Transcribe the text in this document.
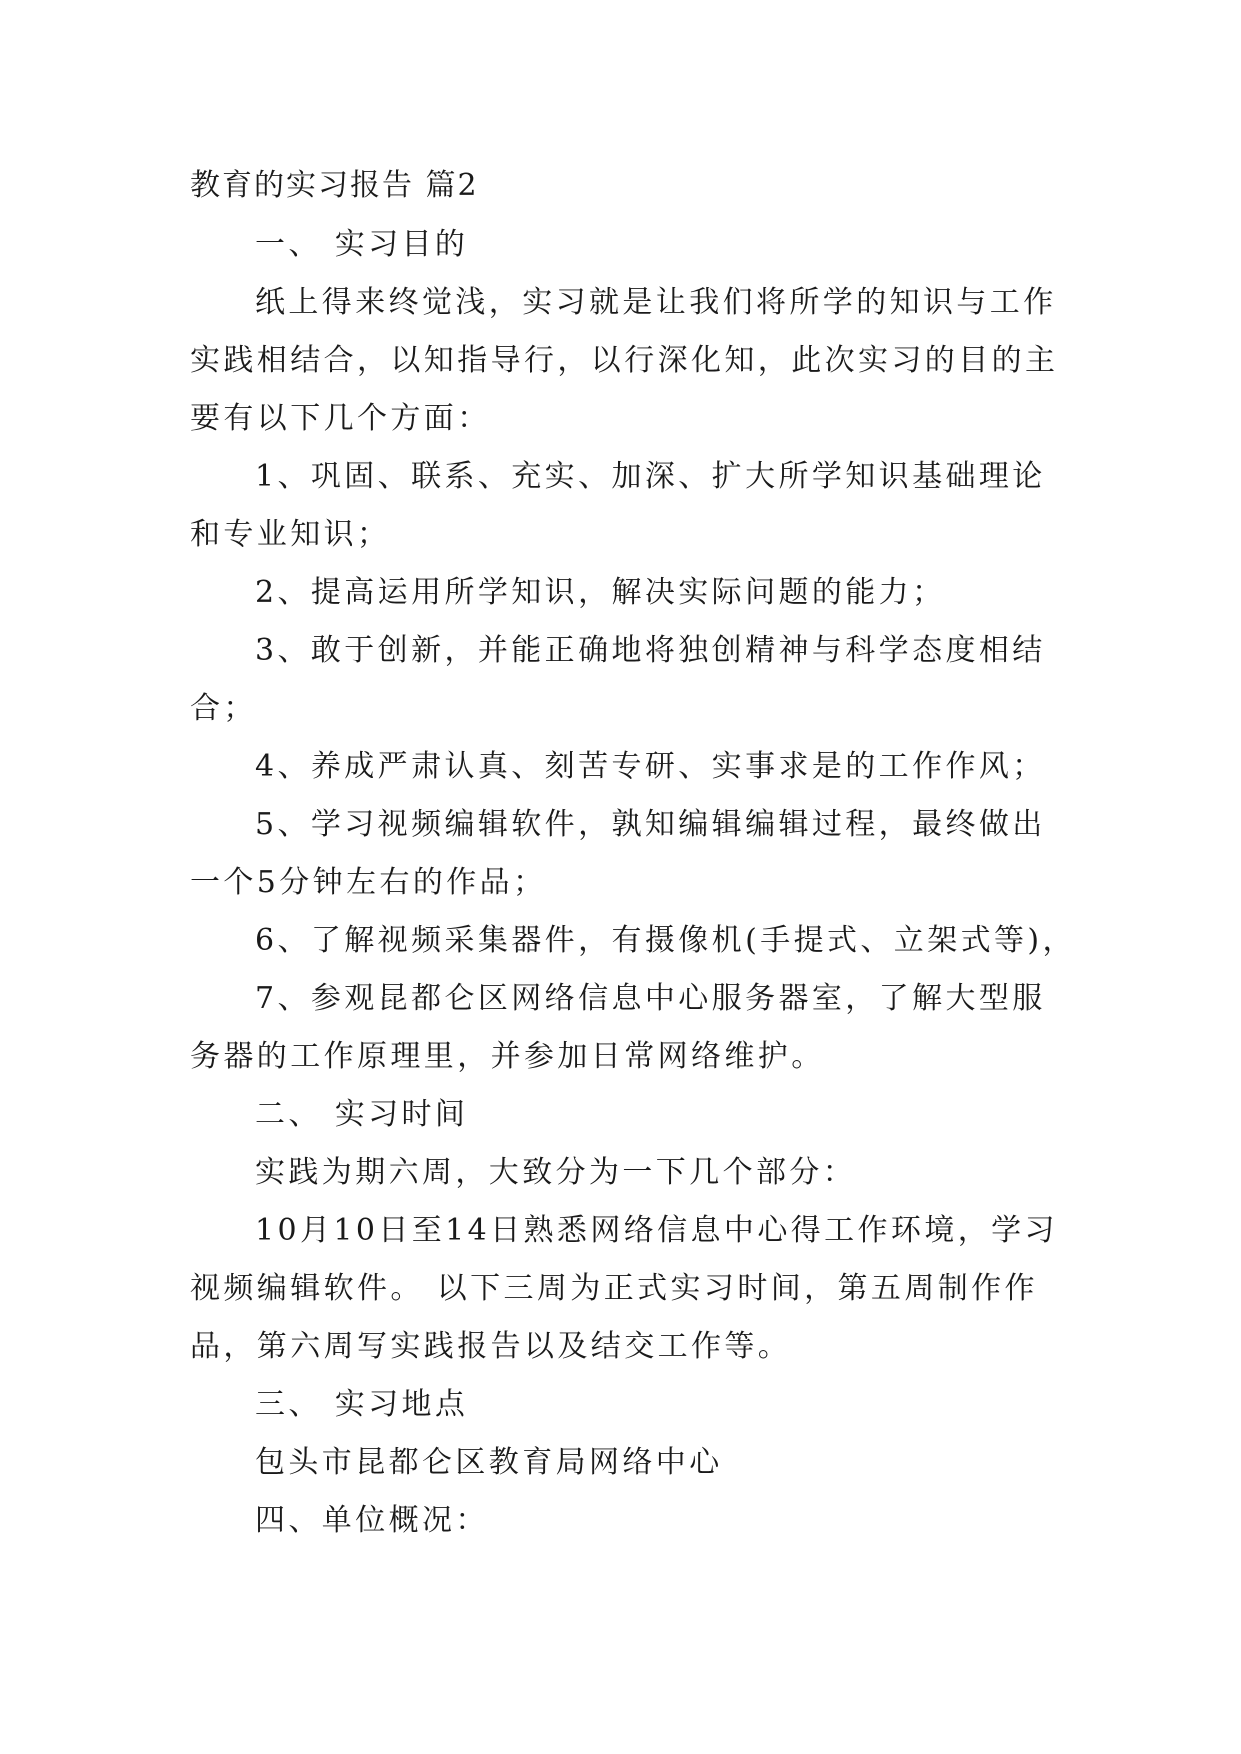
教育的实习报告 篇2
一、 实习目的
纸上得来终觉浅，实习就是让我们将所学的知识与工作
实践相结合，以知指导行，以行深化知，此次实习的目的主
要有以下几个方面：
1、巩固、联系、充实、加深、扩大所学知识基础理论
和专业知识；
2、提高运用所学知识，解决实际问题的能力；
3、敢于创新，并能正确地将独创精神与科学态度相结
合；
4、养成严肃认真、刻苦专研、实事求是的工作作风；
5、学习视频编辑软件，孰知编辑编辑过程，最终做出
一个5分钟左右的作品；
6、了解视频采集器件，有摄像机(手提式、立架式等)，
7、参观昆都仑区网络信息中心服务器室，了解大型服
务器的工作原理里，并参加日常网络维护。
二、 实习时间
实践为期六周，大致分为一下几个部分：
10月10日至14日熟悉网络信息中心得工作环境，学习
视频编辑软件。 以下三周为正式实习时间，第五周制作作
品，第六周写实践报告以及结交工作等。
三、 实习地点
包头市昆都仑区教育局网络中心
四、单位概况：
